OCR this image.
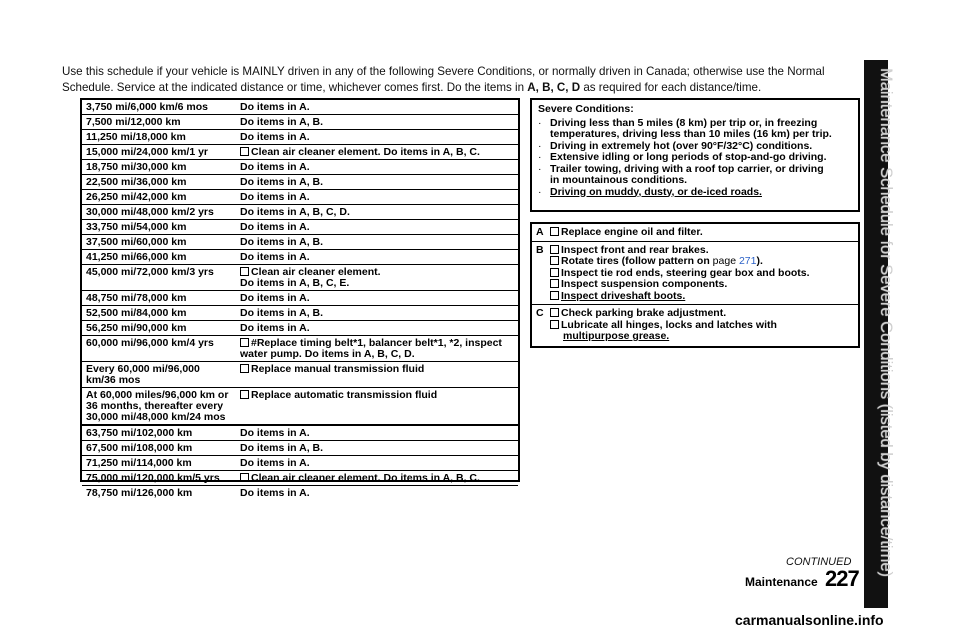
Use this schedule if your vehicle is MAINLY driven in any of the following Severe Conditions, or normally driven in Canada; otherwise use the Normal Schedule. Service at the indicated distance or time, whichever comes first. Do the items in A, B, C, D as required for each distance/time.
3,750 mi/6,000 km/6 mos	Do items in A.
7,500 mi/12,000 km	Do items in A, B.
11,250 mi/18,000 km	Do items in A.
15,000 mi/24,000 km/1 yr	Clean air cleaner element. Do items in A, B, C.
18,750 mi/30,000 km	Do items in A.
22,500 mi/36,000 km	Do items in A, B.
26,250 mi/42,000 km	Do items in A.
30,000 mi/48,000 km/2 yrs	Do items in A, B, C, D.
33,750 mi/54,000 km	Do items in A.
37,500 mi/60,000 km	Do items in A, B.
41,250 mi/66,000 km	Do items in A.
45,000 mi/72,000 km/3 yrs	Clean air cleaner element.
Do items in A, B, C, E.
48,750 mi/78,000 km	Do items in A.
52,500 mi/84,000 km	Do items in A, B.
56,250 mi/90,000 km	Do items in A.
60,000 mi/96,000 km/4 yrs	#Replace timing belt*1, balancer belt*1, *2, inspect
water pump. Do items in A, B, C, D.
Every 60,000 mi/96,000
km/36 mos
Replace manual transmission fluid
At 60,000 miles/96,000 km or
36 months, thereafter every
30,000 mi/48,000 km/24 mos
Replace automatic transmission fluid
63,750 mi/102,000 km	Do items in A.
67,500 mi/108,000 km	Do items in A, B.
71,250 mi/114,000 km	Do items in A.
75,000 mi/120,000 km/5 yrs	Clean air cleaner element. Do items in A, B, C.
78,750 mi/126,000 km	Do items in A.
Severe Conditions:
· Driving less than 5 miles (8 km) per trip or, in freezing
temperatures, driving less than 10 miles (16 km) per trip.
· Driving in extremely hot (over 90°F/32°C) conditions.
· Extensive idling or long periods of stop-and-go driving.
· Trailer towing, driving with a roof top carrier, or driving
in mountainous conditions.
· Driving on muddy, dusty, or de-iced roads.
A	Replace engine oil and filter.
B	Inspect front and rear brakes.
Rotate tires (follow pattern on page 271).
Inspect tie rod ends, steering gear box and boots.
Inspect suspension components.
Inspect driveshaft boots.
C	Check parking brake adjustment.
Lubricate all hinges, locks and latches with
multipurpose grease.
CONTINUED
Maintenance 227
Maintenance Schedule for Severe Conditions (listed by distance/time)
carmanualsonline.info
